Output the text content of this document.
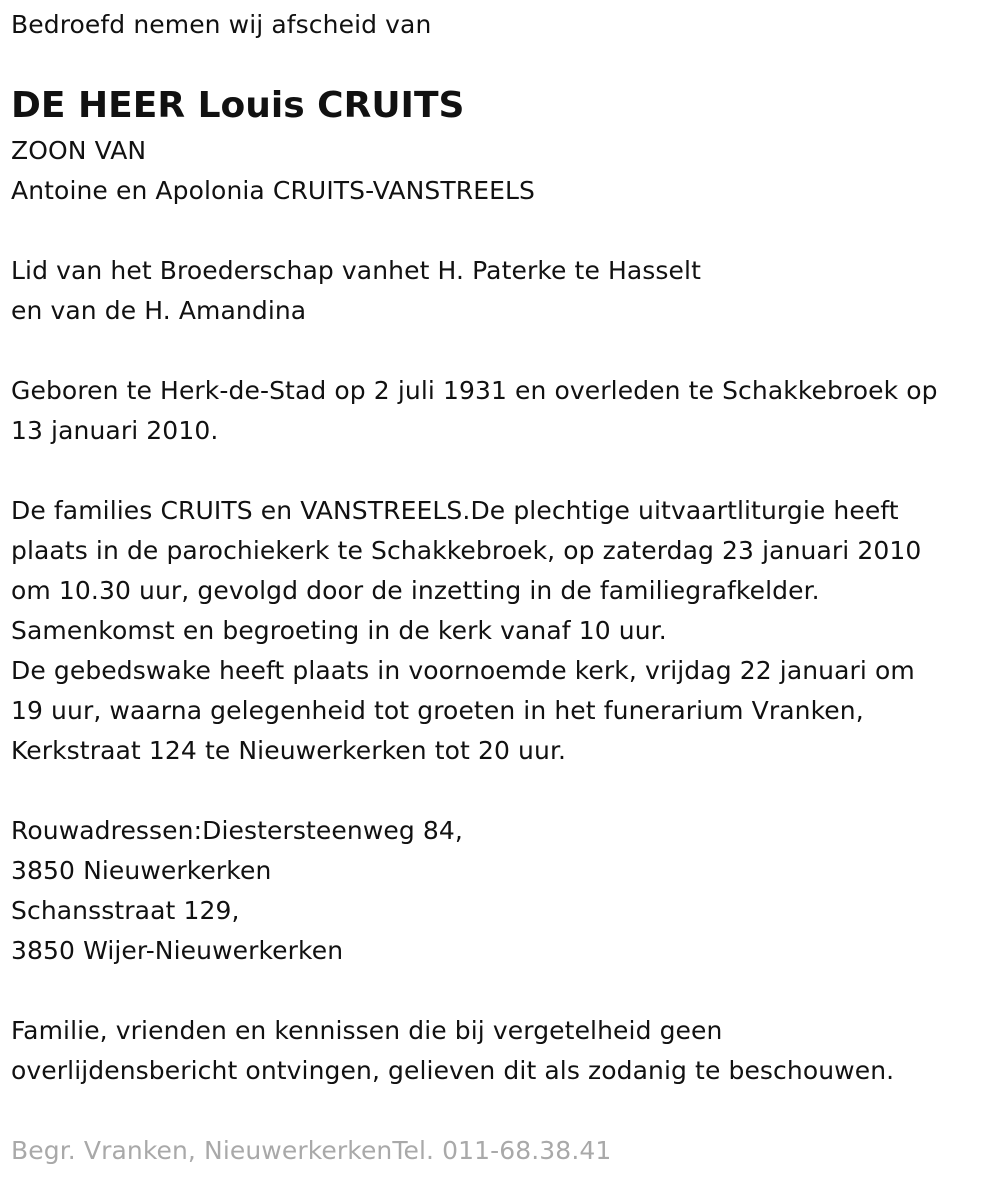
Bedroefd nemen wij afscheid van
DE HEER Louis CRUITS
ZOON VAN
Antoine en Apolonia CRUITS-VANSTREELS
Lid van het Broederschap vanhet H. Paterke te Hasselt
en van de H. Amandina
Geboren te Herk-de-Stad op 2 juli 1931 en overleden te Schakkebroek op
13 januari 2010.
De families CRUITS en VANSTREELS.De plechtige uitvaartliturgie heeft
plaats in de parochiekerk te Schakkebroek, op zaterdag 23 januari 2010
om 10.30 uur, gevolgd door de inzetting in de familiegrafkelder.
Samenkomst en begroeting in de kerk vanaf 10 uur.
De gebedswake heeft plaats in voornoemde kerk, vrijdag 22 januari om
19 uur, waarna gelegenheid tot groeten in het funerarium Vranken,
Kerkstraat 124 te Nieuwerkerken tot 20 uur.
Rouwadressen:Diestersteenweg 84,
3850 Nieuwerkerken
Schansstraat 129,
3850 Wijer-Nieuwerkerken
Familie, vrienden en kennissen die bij vergetelheid geen
overlijdensbericht ontvingen, gelieven dit als zodanig te beschouwen.
Begr. Vranken, NieuwerkerkenTel. 011-68.38.41
